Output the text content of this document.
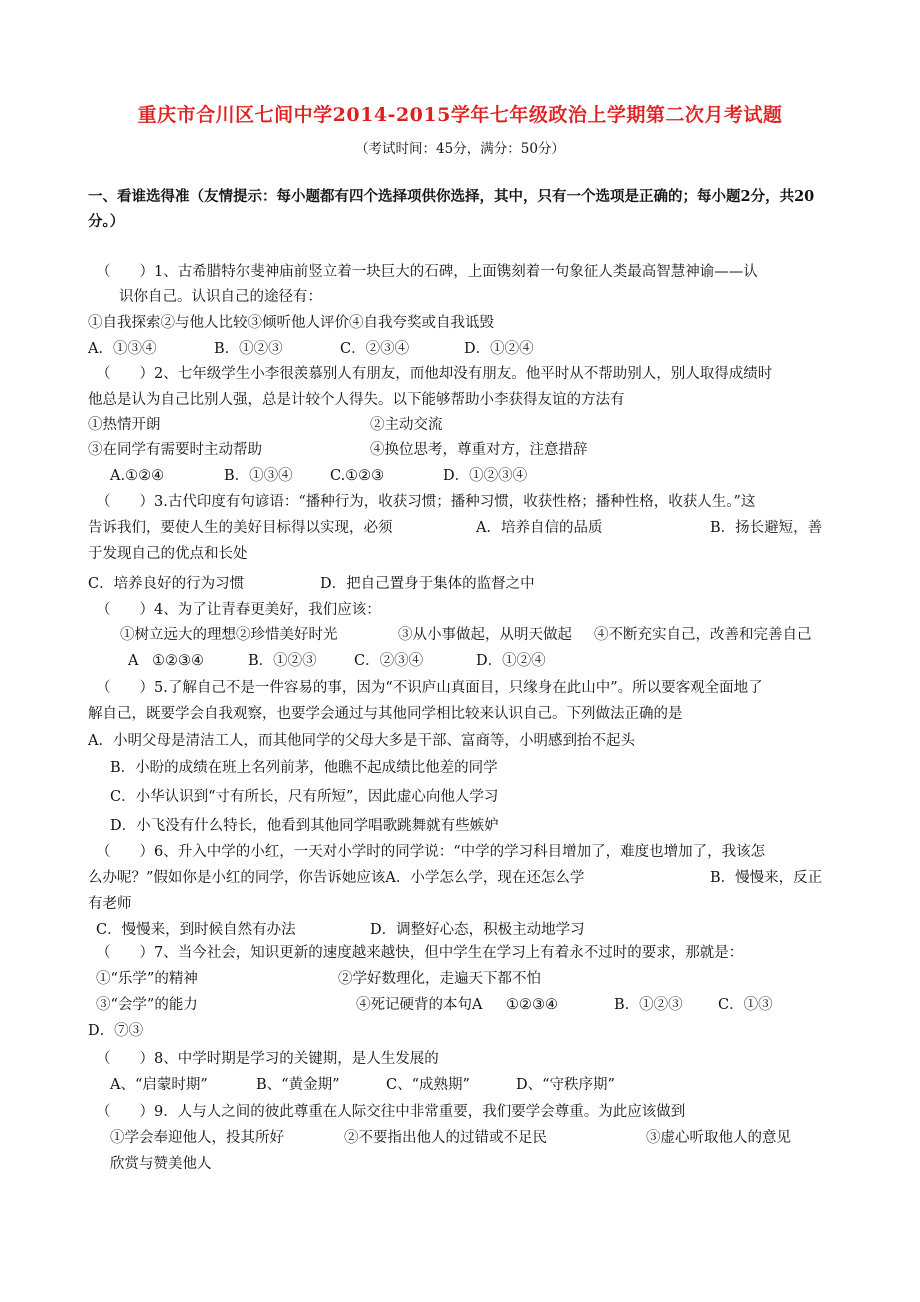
重庆市合川区七间中学2014-2015学年七年级政治上学期第二次月考试题
（考试时间：45分，满分：50分）
一、看谁选得准（友情提示：每小题都有四个选择项供你选择，其中，只有一个选项是正确的；每小题2分，共20分。）
（　　）1、古希腊特尔斐神庙前竖立着一块巨大的石碑，上面镌刻着一句象征人类最高智慧神谕——认
识你自己。认识自己的途径有：
①自我探索②与他人比较③倾听他人评价④自我夸奖或自我诋毁
A．①③④	B．①②③	C．②③④	D．①②④
（　　）2、七年级学生小李很羡慕别人有朋友，而他却没有朋友。他平时从不帮助别人，别人取得成绩时
他总是认为自己比别人强，总是计较个人得失。以下能够帮助小李获得友谊的方法有
①热情开朗	②主动交流
③在同学有需要时主动帮助	④换位思考，尊重对方，注意措辞
A.①②④	B．①③④	C.①②③	D．①②③④
（　　）3.古代印度有句谚语：“播种行为，收获习惯；播种习惯，收获性格；播种性格，收获人生。”这
告诉我们，要使人生的美好目标得以实现，必须	A．培养自信的品质	B．扬长避短，善
于发现自己的优点和长处
C．培养良好的行为习惯	D．把自己置身于集体的监督之中
（　　）4、为了让青春更美好，我们应该：
①树立远大的理想②珍惜美好时光	③从小事做起，从明天做起 ④不断充实自己，改善和完善自己
A ①②③④	B．①②③	C．②③④	D．①②④
（　　）5.了解自己不是一件容易的事，因为“不识庐山真面目，只缘身在此山中”。所以要客观全面地了
解自己，既要学会自我观察，也要学会通过与其他同学相比较来认识自己。下列做法正确的是
A．小明父母是清洁工人，而其他同学的父母大多是干部、富商等，小明感到抬不起头
B．小盼的成绩在班上名列前茅，他瞧不起成绩比他差的同学
C．小华认识到“寸有所长，尺有所短”，因此虚心向他人学习
D．小飞没有什么特长，他看到其他同学唱歌跳舞就有些嫉妒
（　　）6、升入中学的小红，一天对小学时的同学说：“中学的学习科目增加了，难度也增加了，我该怎
么办呢？”假如你是小红的同学，你告诉她应该A．小学怎么学，现在还怎么学	B．慢慢来，反正
有老师
C．慢慢来，到时候自然有办法	D．调整好心态，积极主动地学习
（　　）7、当今社会，知识更新的速度越来越快，但中学生在学习上有着永不过时的要求，那就是：
①“乐学”的精神	②学好数理化，走遍天下都不怕
③“会学”的能力	④死记硬背的本句A ①②③④	B．①②③ C．①③
D．⑦③
（　　）8、中学时期是学习的关键期，是人生发展的
A、“启蒙时期”	B、“黄金期”	C、“成熟期”	D、“守秩序期”
（　　）9．人与人之间的彼此尊重在人际交往中非常重要，我们要学会尊重。为此应该做到
①学会奉迎他人，投其所好	②不要指出他人的过错或不足民	③虚心听取他人的意见
欣赏与赞美他人
